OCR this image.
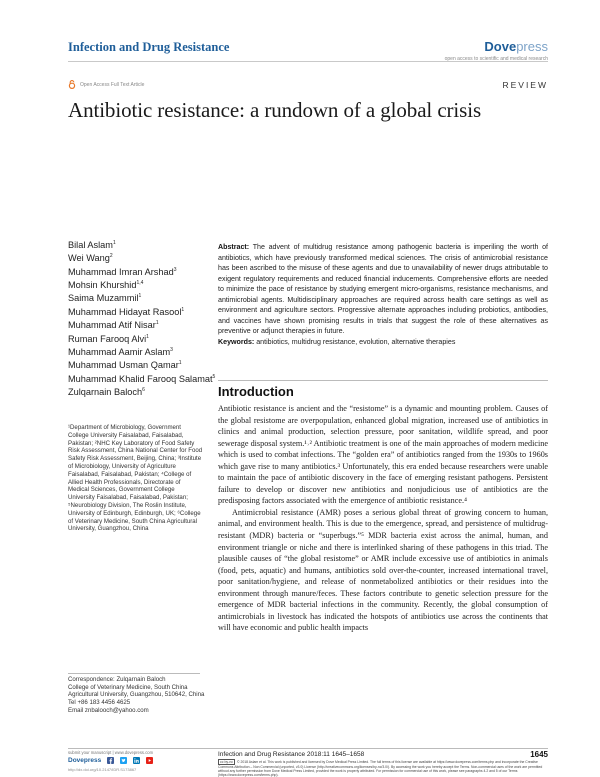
Infection and Drug Resistance	Dovepress
open access to scientific and medical research
Open Access Full Text Article	REVIEW
Antibiotic resistance: a rundown of a global crisis
Bilal Aslam$^1$
Wei Wang$^2$
Muhammad Imran Arshad$^3$
Mohsin Khurshid$^{1,4}$
Saima Muzammil$^1$
Muhammad Hidayat Rasool$^1$
Muhammad Atif Nisar$^1$
Ruman Farooq Alvi$^1$
Muhammad Aamir Aslam$^3$
Muhammad Usman Qamar$^1$
Muhammad Khalid Farooq Salamat$^5$
Zulqarnain Baloch$^6$
¹Department of Microbiology, Government College University Faisalabad, Faisalabad, Pakistan; ²NHC Key Laboratory of Food Safety Risk Assessment, China National Center for Food Safety Risk Assessment, Beijing, China; ³Institute of Microbiology, University of Agriculture Faisalabad, Faisalabad, Pakistan; ⁴College of Allied Health Professionals, Directorate of Medical Sciences, Government College University Faisalabad, Faisalabad, Pakistan; ⁵Neurobiology Division, The Roslin Institute, University of Edinburgh, Edinburgh, UK; ⁶College of Veterinary Medicine, South China Agricultural University, Guangzhou, China
Correspondence: Zulqarnain Baloch
College of Veterinary Medicine, South China Agricultural University, Guangzhou, 510642, China
Tel +86 183 4456 4625
Email znbalooch@yahoo.com
Abstract: The advent of multidrug resistance among pathogenic bacteria is imperiling the worth of antibiotics, which have previously transformed medical sciences. The crisis of antimicrobial resistance has been ascribed to the misuse of these agents and due to unavailability of newer drugs attributable to exigent regulatory requirements and reduced financial inducements. Comprehensive efforts are needed to minimize the pace of resistance by studying emergent micro-organisms, resistance mechanisms, and antimicrobial agents. Multidisciplinary approaches are required across health care settings as well as environment and agriculture sectors. Progressive alternate approaches including probiotics, antibodies, and vaccines have shown promising results in trials that suggest the role of these alternatives as preventive or adjunct therapies in future.
Keywords: antibiotics, multidrug resistance, evolution, alternative therapies
Introduction

Antibiotic resistance is ancient and the “resistome” is a dynamic and mounting problem. Causes of the global resistome are overpopulation, enhanced global migration, increased use of antibiotics in clinics and animal production, selection pressure, poor sanitation, wildlife spread, and poor sewerage disposal system.¹˒² Antibiotic treatment is one of the main approaches of modern medicine which is used to combat infections. The “golden era” of antibiotics ranged from the 1930s to 1960s which gave rise to many antibiotics.³ Unfortunately, this era ended because researchers were unable to maintain the pace of antibiotic discovery in the face of emerging resistant pathogens. Persistent failure to develop or discover new antibiotics and nonjudicious use of antibiotics are the predisposing factors associated with the emergence of antibiotic resistance.⁴

Antimicrobial resistance (AMR) poses a serious global threat of growing concern to human, animal, and environment health. This is due to the emergence, spread, and persistence of multidrug-resistant (MDR) bacteria or “superbugs.”⁵ MDR bacteria exist across the animal, human, and environment triangle or niche and there is interlinked sharing of these pathogens in this triad. The plausible causes of “the global resistome” or AMR include excessive use of antibiotics in animals (food, pets, aquatic) and humans, antibiotics sold over-the-counter, increased international travel, poor sanitation/hygiene, and release of nonmetabolized antibiotics or their residues into the environment through manure/feces. These factors contribute to genetic selection pressure for the emergence of MDR bacterial infections in the community. Recently, the global consumption of antimicrobials in livestock has indicated the hotspots of antibiotics use across the continents that will have economic and public health impacts

submit your manuscript | www.dovepress.com
Dovepress
http://dx.doi.org/10.2147/IDR.S173867
Infection and Drug Resistance 2018:11 1645–1658	1645
cc by-nc © 2018 Aslam et al. This work is published and licensed by Dove Medical Press Limited. The full terms of this license are available at https://www.dovepress.com/terms.php and incorporate the Creative Commons Attribution – Non Commercial (unported, v3.0) License (http://creativecommons.org/licenses/by-nc/3.0/). By accessing the work you hereby accept the Terms. Non-commercial uses of the work are permitted without any further permission from Dove Medical Press Limited, provided the work is properly attributed. For permission for commercial use of this work, please see paragraphs 4.2 and 5 of our Terms (https://www.dovepress.com/terms.php).
